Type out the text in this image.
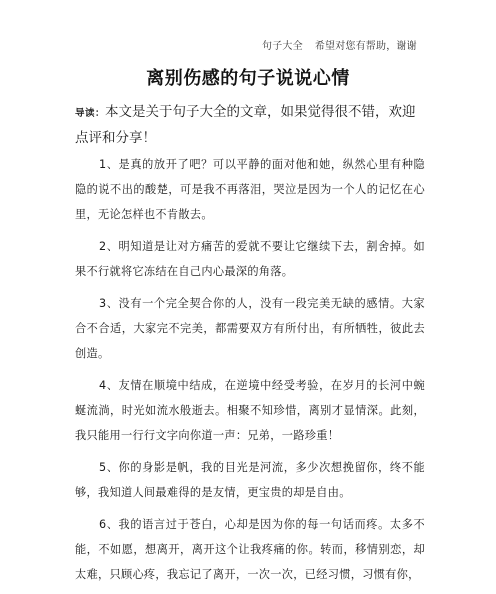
句子大全 希望对您有帮助，谢谢
离别伤感的句子说说心情

导读：本文是关于句子大全的文章，如果觉得很不错，欢迎点评和分享！

1、是真的放开了吧？可以平静的面对他和她，纵然心里有种隐隐的说不出的酸楚，可是我不再落泪，哭泣是因为一个人的记忆在心里，无论怎样也不肯散去。

2、明知道是让对方痛苦的爱就不要让它继续下去，割舍掉。如果不行就将它冻结在自己内心最深的角落。

3、没有一个完全契合你的人，没有一段完美无缺的感情。大家合不合适，大家完不完美，都需要双方有所付出，有所牺牲，彼此去创造。

4、友情在顺境中结成，在逆境中经受考验，在岁月的长河中蜿蜒流淌，时光如流水般逝去。相聚不知珍惜，离别才显情深。此刻，我只能用一行行文字向你道一声：兄弟，一路珍重！

5、你的身影是帆，我的目光是河流，多少次想挽留你，终不能够，我知道人间最难得的是友情，更宝贵的却是自由。

6、我的语言过于苍白，心却是因为你的每一句话而疼。太多不能，不如愿，想离开，离开这个让我疼痛的你。转而，移情别恋，却太难，只顾心疼，我忘记了离开，一次一次，已经习惯，习惯有你，
